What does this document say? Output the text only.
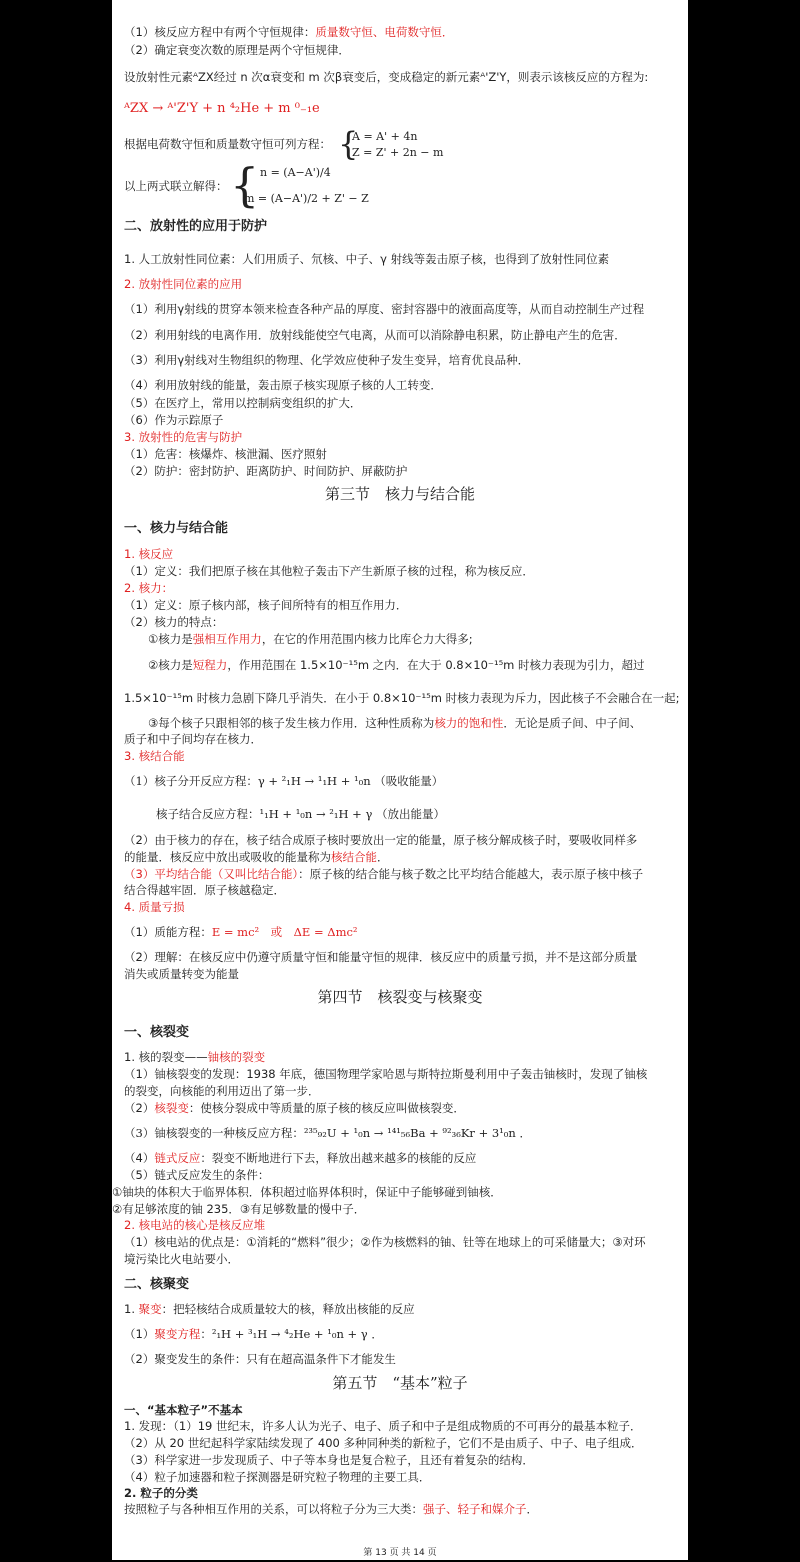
（1）核反应方程中有两个守恒规律：质量数守恒、电荷数守恒．
（2）确定衰变次数的原理是两个守恒规律．
设放射性元素ᴬZX经过 n 次α衰变和 m 次β衰变后，变成稳定的新元素ᴬ'Z'Y，则表示该核反应的方程为:
ᴬZX → ᴬ'Z'Y + n ⁴₂He + m ⁰₋₁e
根据电荷数守恒和质量数守恒可列方程： {
A = A' + 4n
Z = Z' + 2n − m
以上两式联立解得： { n = (A−A')/4
m = (A−A')/2 + Z' − Z
二、放射性的应用于防护
1. 人工放射性同位素：人们用质子、氘核、中子、γ 射线等轰击原子核，也得到了放射性同位素
2. 放射性同位素的应用
（1）利用γ射线的贯穿本领来检查各种产品的厚度、密封容器中的液面高度等，从而自动控制生产过程
（2）利用射线的电离作用．放射线能使空气电离，从而可以消除静电积累，防止静电产生的危害．
（3）利用γ射线对生物组织的物理、化学效应使种子发生变异，培育优良品种．
（4）利用放射线的能量，轰击原子核实现原子核的人工转变．
（5）在医疗上，常用以控制病变组织的扩大．
（6）作为示踪原子
3. 放射性的危害与防护
（1）危害：核爆炸、核泄漏、医疗照射
（2）防护：密封防护、距离防护、时间防护、屏蔽防护
第三节　核力与结合能
一、核力与结合能
1. 核反应
（1）定义：我们把原子核在其他粒子轰击下产生新原子核的过程，称为核反应．
2. 核力：
（1）定义：原子核内部，核子间所特有的相互作用力．
（2）核力的特点：
①核力是强相互作用力，在它的作用范围内核力比库仑力大得多;
②核力是短程力，作用范围在 1.5×10⁻¹⁵m 之内．在大于 0.8×10⁻¹⁵m 时核力表现为引力，超过
1.5×10⁻¹⁵m 时核力急剧下降几乎消失．在小于 0.8×10⁻¹⁵m 时核力表现为斥力，因此核子不会融合在一起;
③每个核子只跟相邻的核子发生核力作用．这种性质称为核力的饱和性．无论是质子间、中子间、
质子和中子间均存在核力．
3. 核结合能
（1）核子分开反应方程：γ + ²₁H → ¹₁H + ¹₀n （吸收能量）
核子结合反应方程：¹₁H + ¹₀n → ²₁H + γ （放出能量）
（2）由于核力的存在，核子结合成原子核时要放出一定的能量，原子核分解成核子时，要吸收同样多
的能量．核反应中放出或吸收的能量称为核结合能．
（3）平均结合能（又叫比结合能）：原子核的结合能与核子数之比平均结合能越大，表示原子核中核子
结合得越牢固．原子核越稳定．
4. 质量亏损
（1）质能方程：E = mc²　或　ΔE = Δmc²
（2）理解：在核反应中仍遵守质量守恒和能量守恒的规律．核反应中的质量亏损，并不是这部分质量
消失或质量转变为能量
第四节　核裂变与核聚变
一、核裂变
1. 核的裂变——铀核的裂变
（1）铀核裂变的发现：1938 年底，德国物理学家哈恩与斯特拉斯曼利用中子轰击铀核时，发现了铀核
的裂变，向核能的利用迈出了第一步．
（2）核裂变：使核分裂成中等质量的原子核的核反应叫做核裂变．
（3）铀核裂变的一种核反应方程：²³⁵₉₂U + ¹₀n → ¹⁴¹₅₆Ba + ⁹²₃₆Kr + 3¹₀n ．
（4）链式反应：裂变不断地进行下去，释放出越来越多的核能的反应
（5）链式反应发生的条件：
①铀块的体积大于临界体积．体积超过临界体积时，保证中子能够碰到铀核．
②有足够浓度的铀 235．③有足够数量的慢中子．
2. 核电站的核心是核反应堆
（1）核电站的优点是：①消耗的“燃料”很少；②作为核燃料的铀、钍等在地球上的可采储量大；③对环
境污染比火电站要小．
二、核聚变
1. 聚变：把轻核结合成质量较大的核，释放出核能的反应
（1）聚变方程：²₁H + ³₁H → ⁴₂He + ¹₀n + γ ．
（2）聚变发生的条件：只有在超高温条件下才能发生
第五节　“基本”粒子
一、“基本粒子”不基本
1. 发现：（1）19 世纪末，许多人认为光子、电子、质子和中子是组成物质的不可再分的最基本粒子．
（2）从 20 世纪起科学家陆续发现了 400 多种同种类的新粒子，它们不是由质子、中子、电子组成．
（3）科学家进一步发现质子、中子等本身也是复合粒子，且还有着复杂的结构．
（4）粒子加速器和粒子探测器是研究粒子物理的主要工具．
2. 粒子的分类
按照粒子与各种相互作用的关系，可以将粒子分为三大类：强子、轻子和媒介子．
第 13 页 共 14 页
